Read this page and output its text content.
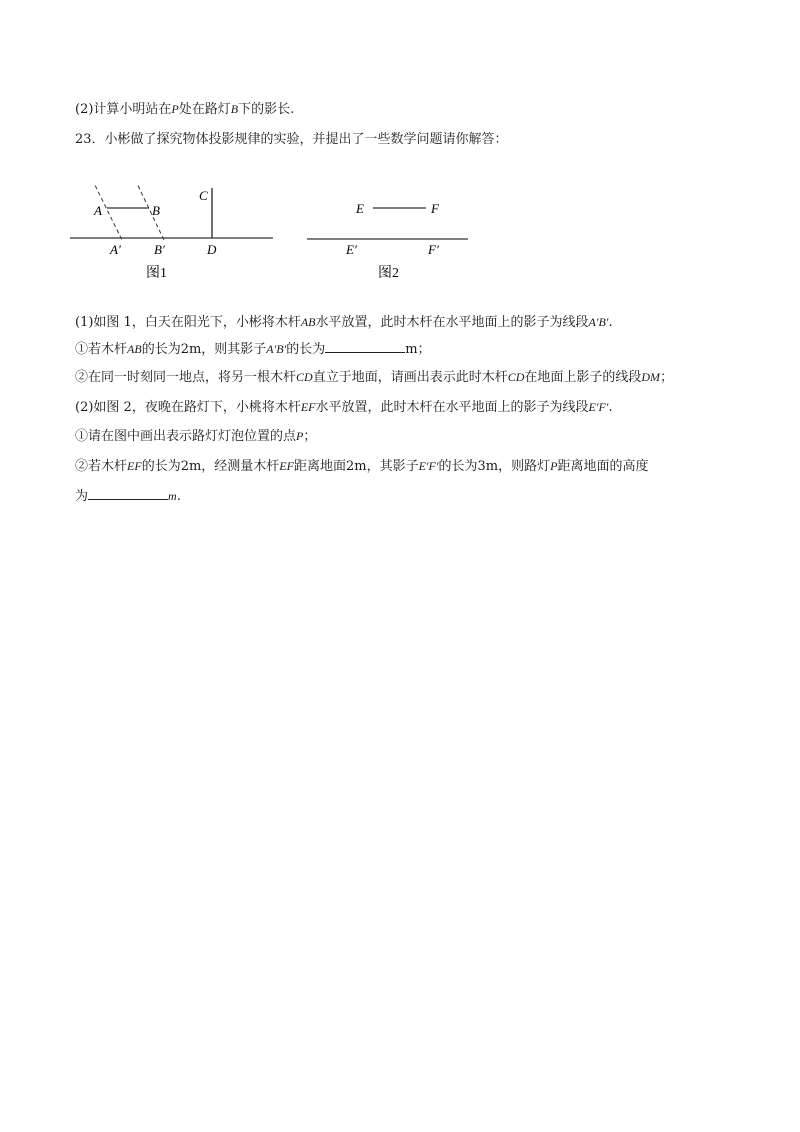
(2)计算小明站在P处在路灯B下的影长.
23．小彬做了探究物体投影规律的实验，并提出了一些数学问题请你解答：
A	B
C
D
A′	B′
图1
E	F
E′	F′
图2
(1)如图 1，白天在阳光下，小彬将木杆AB水平放置，此时木杆在水平地面上的影子为线段A′B′.
①若木杆AB的长为2m，则其影子A′B′的长为	m；
②在同一时刻同一地点，将另一根木杆CD直立于地面，请画出表示此时木杆CD在地面上影子的线段DM；
(2)如图 2，夜晚在路灯下，小桃将木杆EF水平放置，此时木杆在水平地面上的影子为线段E′F′.
①请在图中画出表示路灯灯泡位置的点P；
②若木杆EF的长为2m，经测量木杆EF距离地面2m，其影子E′F′的长为3m，则路灯P距离地面的高度
为	m.
